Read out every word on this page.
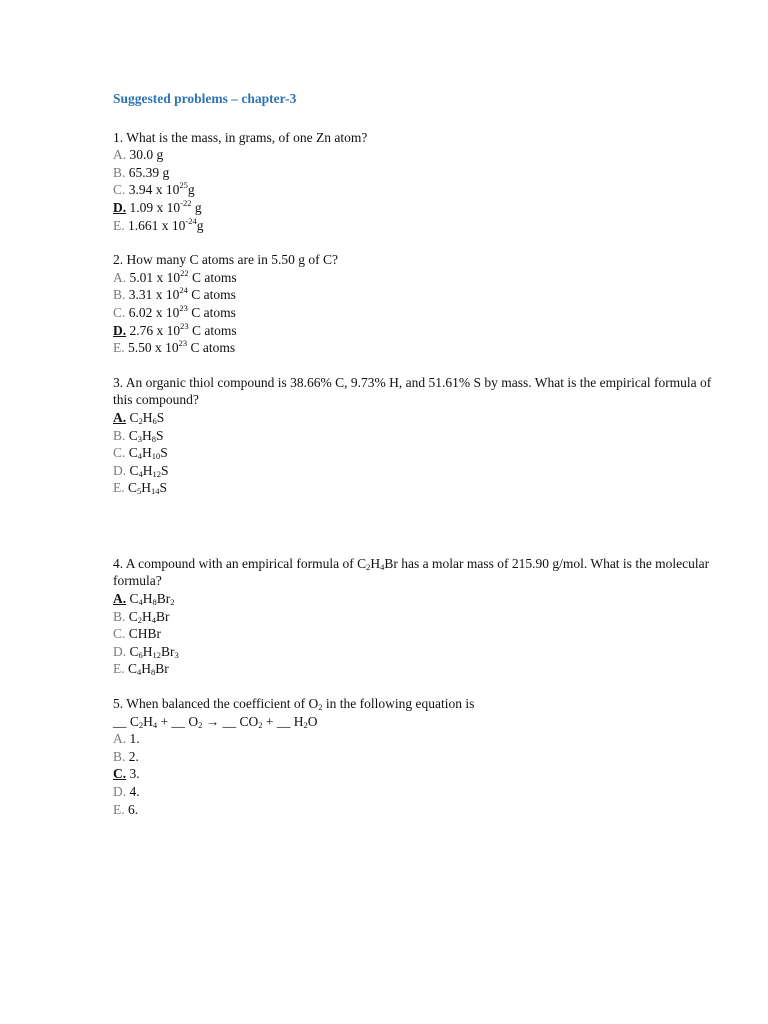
Suggested problems – chapter-3
1. What is the mass, in grams, of one Zn atom?
A. 30.0 g
B. 65.39 g
C. 3.94 x $10^{25}g$
D. 1.09 x $10^{-22}$ g
E. 1.661 x $10^{-24}g$
2. How many C atoms are in 5.50 g of C?
A. 5.01 x $10^{22}$ C atoms
B. 3.31 x $10^{24}$ C atoms
C. 6.02 x $10^{23}$ C atoms
D. 2.76 x $10^{23}$ C atoms
E. 5.50 x $10^{23}$ C atoms
3. An organic thiol compound is 38.66% C, 9.73% H, and 51.61% S by mass. What is the empirical formula of this compound?
A. $C_2H_6S$
B. $C_3H_8S$
C. $C_4H_{10}S$
D. $C_4H_{12}S$
E. $C_5H_{14}S$
4. A compound with an empirical formula of $C_2H_4Br$ has a molar mass of 215.90 g/mol. What is the molecular formula?
A. $C_4H_8Br_2$
B. $C_2H_4Br$
C. CHBr
D. $C_6H_{12}Br_3$
E. $C_4H_8Br$
5. When balanced the coefficient of $O_2$ in the following equation is
__ $C_2H_4$ + __ $O_2$ → __ $CO_2$ + __ $H_2O$
A. 1.
B. 2.
C. 3.
D. 4.
E. 6.
